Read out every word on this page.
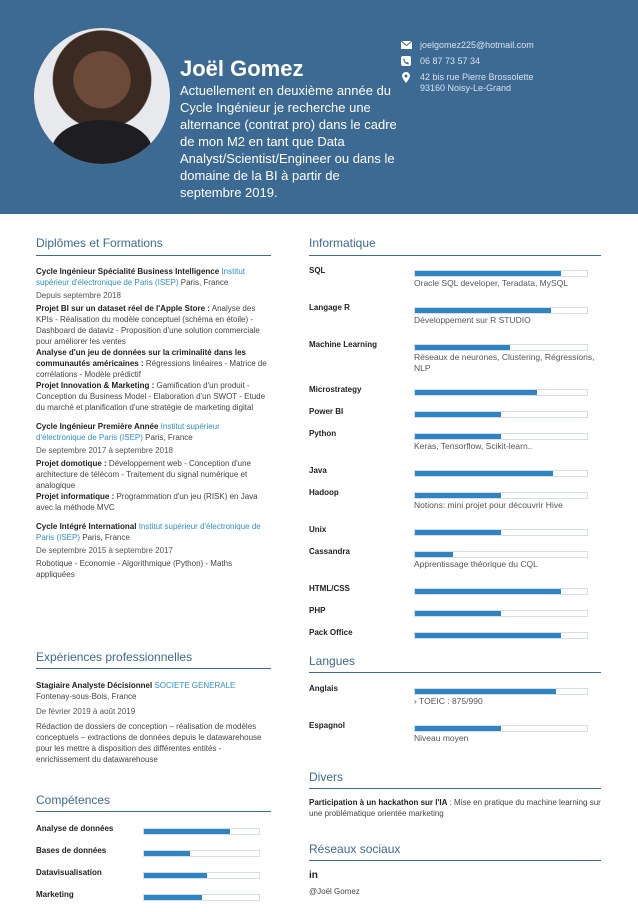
Joël Gomez
Actuellement en deuxième année du Cycle Ingénieur je recherche une alternance (contrat pro) dans le cadre de mon M2 en tant que Data Analyst/Scientist/Engineer ou dans le domaine de la BI à partir de septembre 2019.
joelgomez225@hotmail.com
06 87 73 57 34
42 bis rue Pierre Brossolette
93160 Noisy-Le-Grand
Diplômes et Formations
Cycle Ingénieur Spécialité Business Intelligence Institut supérieur d'électronique de Paris (ISEP) Paris, France
Depuis septembre 2018
Projet BI sur un dataset réel de l'Apple Store : Analyse des KPIs - Réalisation du modèle conceptuel (schéma en étoile) - Dashboard de dataviz - Proposition d'une solution commerciale pour améliorer les ventes
Analyse d'un jeu de données sur la criminalité dans les communautés américaines : Régressions linéaires - Matrice de corrélations - Modèle prédictif
Projet Innovation & Marketing : Gamification d'un produit - Conception du Business Model - Elaboration d'un SWOT - Etude du marché et planification d'une stratégie de marketing digital
Cycle Ingénieur Première Année Institut supérieur d'électronique de Paris (ISEP) Paris, France
De septembre 2017 à septembre 2018
Projet domotique : Développement web - Conception d'une architecture de télécom - Traitement du signal numérique et analogique
Projet informatique : Programmation d'un jeu (RISK) en Java avec la méthode MVC
Cycle Intégré International Institut supérieur d'électronique de Paris (ISEP) Paris, France
De septembre 2015 à septembre 2017
Robotique - Economie - Algorithmique (Python) - Maths appliquées
Expériences professionnelles
Stagiaire Analyste Décisionnel SOCIETE GENERALE
Fontenay-sous-Bois, France
De février 2019 à août 2019
Rédaction de dossiers de conception – réalisation de modèles conceptuels – extractions de données depuis le datawarehouse pour les mettre à disposition des différentes entités - enrichissement du datawarehouse
Compétences
Analyse de données
Bases de données
Datavisualisation
Marketing
Informatique
SQL
Oracle SQL developer, Teradata, MySQL
Langage R
Développement sur R STUDIO
Machine Learning
Réseaux de neurones, Clustering, Régressions, NLP
Microstrategy
Power BI
Python
Keras, Tensorflow, Scikit-learn..
Java
Hadoop
Notions: mini projet pour découvrir Hive
Unix
Cassandra
Apprentissage théorique du CQL
HTML/CSS
PHP
Pack Office
Langues
Anglais
› TOEIC : 875/990
Espagnol
Niveau moyen
Divers
Participation à un hackathon sur l'IA : Mise en pratique du machine learning sur une problématique orientée marketing
Réseaux sociaux
in
@Joël Gomez
